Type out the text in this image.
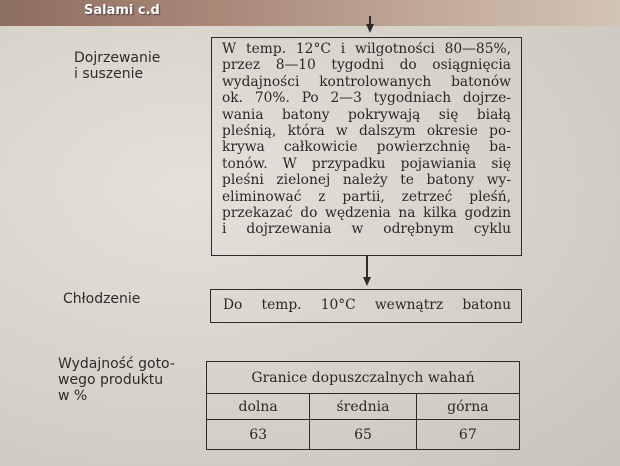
Salami c.d
Dojrzewanie
i suszenie
W temp. 12°C i wilgotności 80—85%,
przez 8—10 tygodni do osiągnięcia
wydajności kontrolowanych batonów
ok. 70%. Po 2—3 tygodniach dojrze-
wania batony pokrywają się białą
pleśnią, która w dalszym okresie po-
krywa całkowicie powierzchnię ba-
tonów. W przypadku pojawiania się
pleśni zielonej należy te batony wy-
eliminować z partii, zetrzeć pleśń,
przekazać do wędzenia na kilka godzin
i dojrzewania w odrębnym cyklu
Chłodzenie	Do temp. 10°C wewnątrz batonu
Wydajność goto-
wego produktu
w %
Granice dopuszczalnych wahań		
dolna	średnia	górna
63	65	67
